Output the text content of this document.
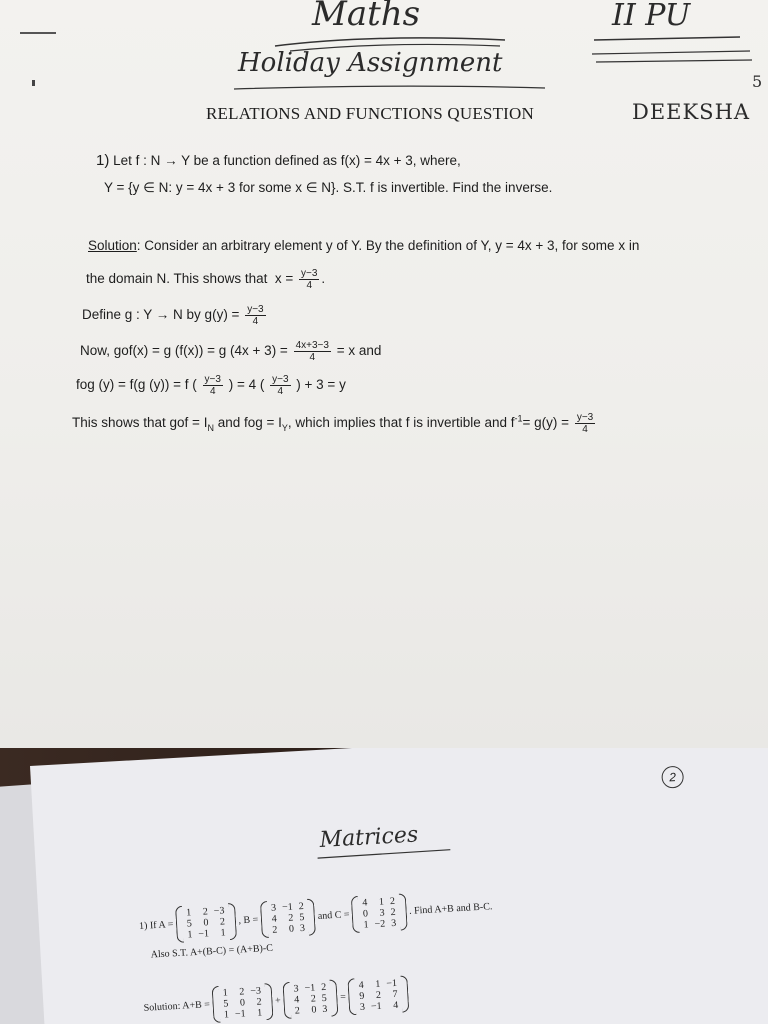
Maths	II PU
Holiday Assignment
5
RELATIONS AND FUNCTIONS QUESTION	DEEKSHA
1) Let f : N → Y be a function defined as f(x) = 4x + 3, where,
Y = {y ∈ N: y = 4x + 3 for some x ∈ N}. S.T. f is invertible. Find the inverse.
Solution: Consider an arbitrary element y of Y. By the definition of Y, y = 4x + 3, for some x in
the domain N. This shows that $x = \frac{y-3}{4}$ .
Define g : Y → N by $g(y) = \frac{y-3}{4}$
Now, gof(x) = g (f(x)) = g $(4x + 3) = \frac{4x+3-3}{4} = x$ and
fog (y) = f(g (y)) = f ( $\frac{y-3}{4}$ ) = 4 ( $\frac{y-3}{4}$ ) + 3 = y
This shows that gof = $I_N$ and fog = $I_Y$, which implies that f is invertible and $f^{-1}= g(y) = \frac{y-3}{4}$
2
Matrices
1) If A =
1	2	−3
5	0	2
1	−1	1
, B =
3	−1	2
4	2	5
2	0	3
and C =
4	1	2
0	3	2
1	−2	3
. Find A+B and B-C.
Also S.T. A+(B-C) = (A+B)-C
Solution: A+B =
1	2	−3
5	0	2
1	−1	1
+
3	−1	2
4	2	5
2	0	3
=
4	1	−1
9	2	7
3	−1	4
